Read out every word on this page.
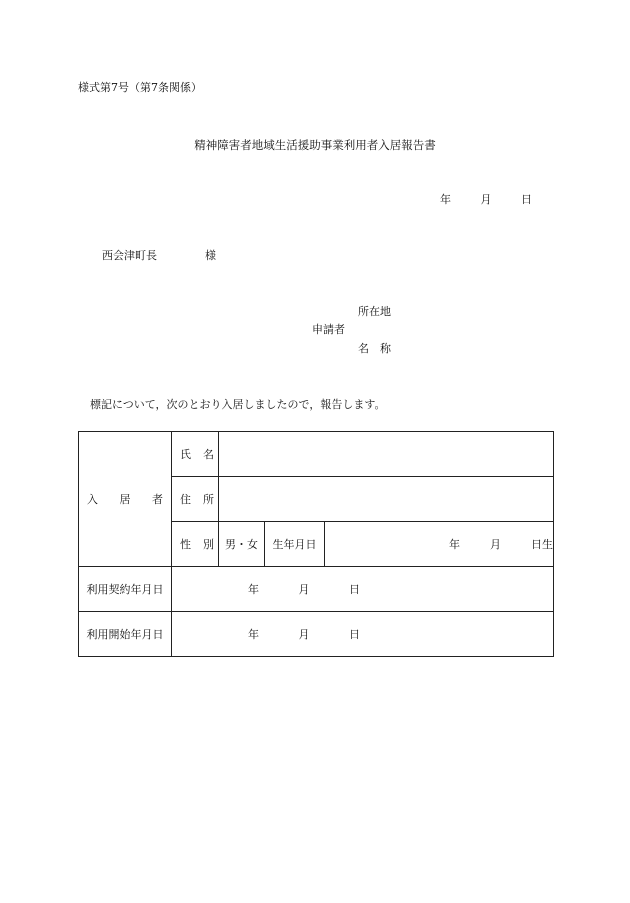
様式第7号（第7条関係）
精神障害者地域生活援助事業利用者入居報告書
年	月	日
西会津町長	様
所在地
申請者
名　称
標記について，次のとおり入居しましたので，報告します。
入 居 者	氏 名			

	住 所			

	性 別	男・女	生年月日	年 月 日生
利用契約年月日	年 月 日			

利用開始年月日	年 月 日			
